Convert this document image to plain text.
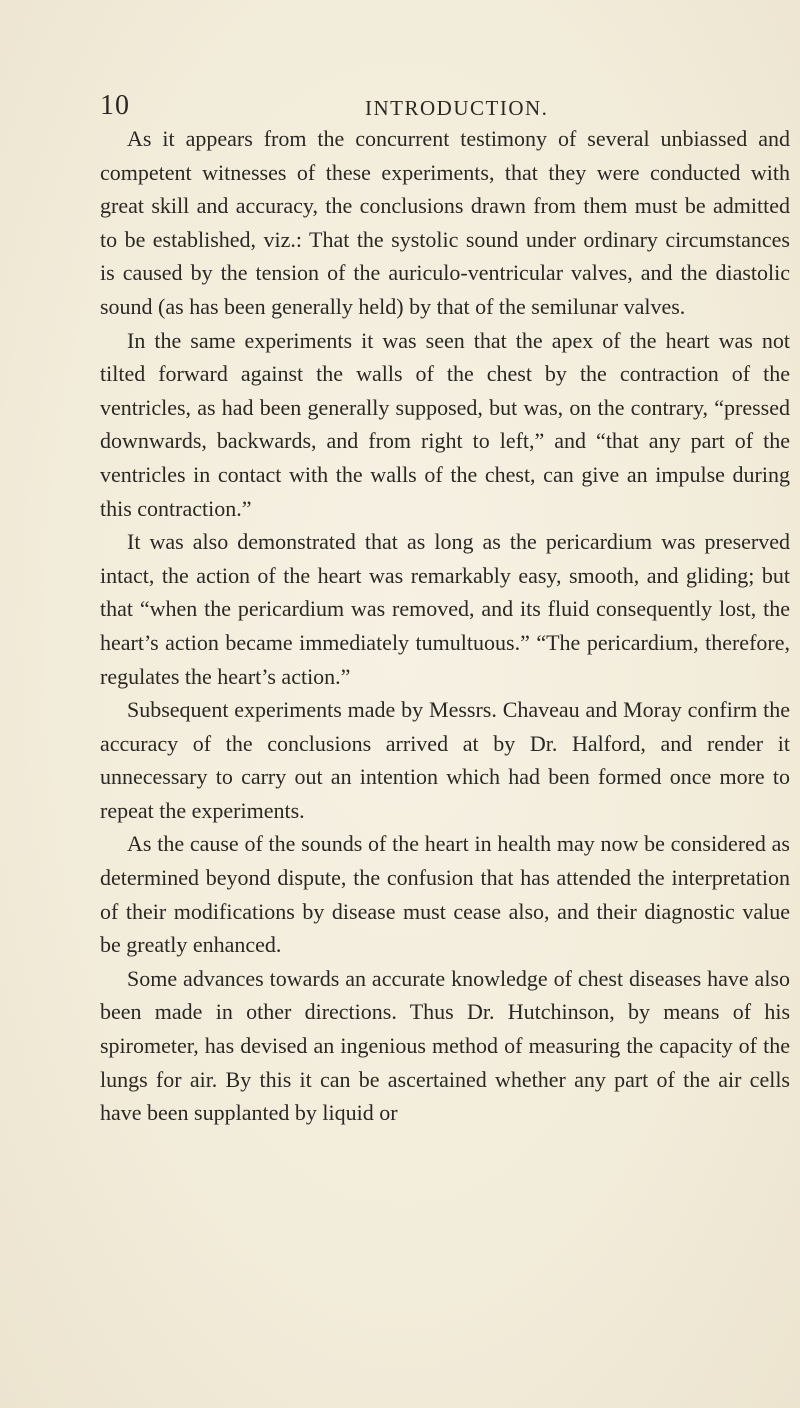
10	INTRODUCTION.

As it appears from the concurrent testimony of several unbiassed and competent witnesses of these experiments, that they were conducted with great skill and accuracy, the conclusions drawn from them must be admitted to be established, viz.: That the systolic sound under ordinary circumstances is caused by the tension of the auriculo-ventricular valves, and the diastolic sound (as has been generally held) by that of the semilunar valves.

In the same experiments it was seen that the apex of the heart was not tilted forward against the walls of the chest by the contraction of the ventricles, as had been generally supposed, but was, on the contrary, “pressed downwards, backwards, and from right to left,” and “that any part of the ventricles in contact with the walls of the chest, can give an impulse during this contraction.”

It was also demonstrated that as long as the pericardium was preserved intact, the action of the heart was remarkably easy, smooth, and gliding; but that “when the pericardium was removed, and its fluid consequently lost, the heart’s action became immediately tumultuous.” “The pericardium, therefore, regulates the heart’s action.”

Subsequent experiments made by Messrs. Chaveau and Moray confirm the accuracy of the conclusions arrived at by Dr. Halford, and render it unnecessary to carry out an intention which had been formed once more to repeat the experiments.

As the cause of the sounds of the heart in health may now be considered as determined beyond dispute, the confusion that has attended the interpretation of their modifications by disease must cease also, and their diagnostic value be greatly enhanced.

Some advances towards an accurate knowledge of chest diseases have also been made in other directions. Thus Dr. Hutchinson, by means of his spirometer, has devised an ingenious method of measuring the capacity of the lungs for air. By this it can be ascertained whether any part of the air cells have been supplanted by liquid or
